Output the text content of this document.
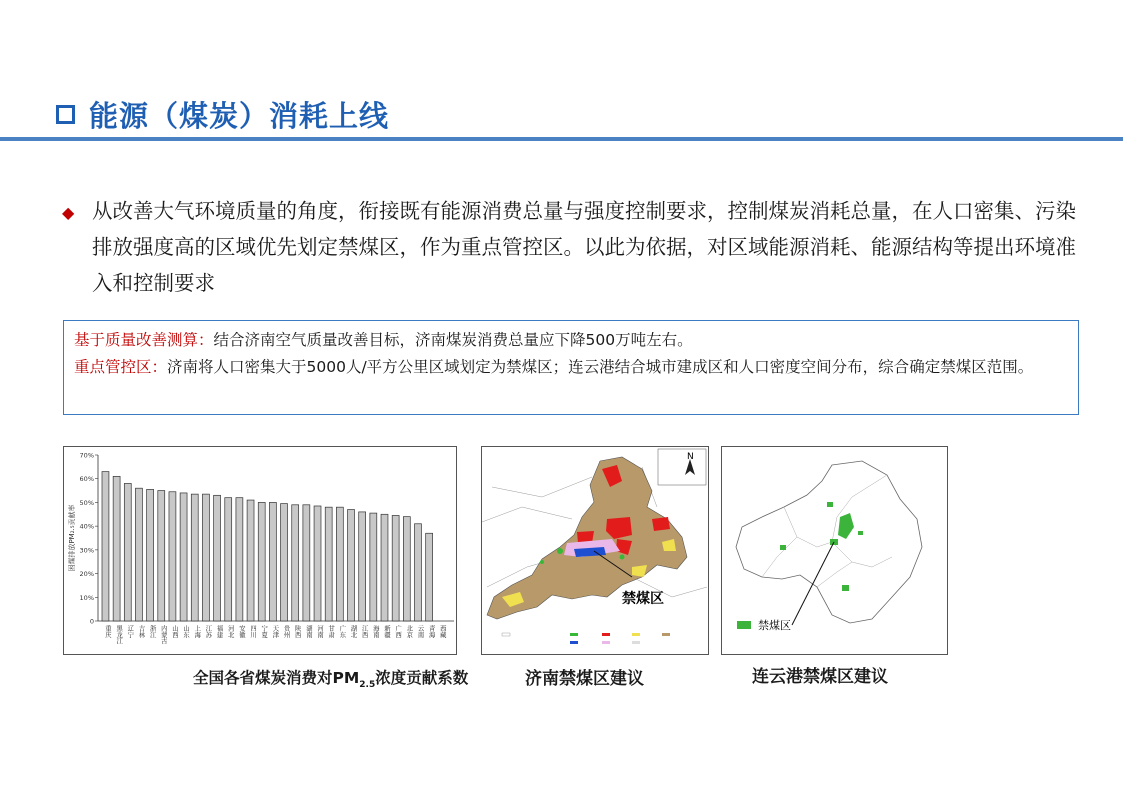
能源（煤炭）消耗上线
◆ 从改善大气环境质量的角度，衔接既有能源消费总量与强度控制要求，控制煤炭消耗总量，在人口密集、污染排放强度高的区域优先划定禁煤区，作为重点管控区。以此为依据，对区域能源消耗、能源结构等提出环境准入和控制要求
基于质量改善测算：结合济南空气质量改善目标，济南煤炭消费总量应下降500万吨左右。
重点管控区：济南将人口密集大于5000人/平方公里区域划定为禁煤区；连云港结合城市建成区和人口密度空间分布，综合确定禁煤区范围。
0
10%
20%
30%
40%
50%
60%
70%
困煤排放PM₂.₅贡献率
重庆 黑龙江 辽宁 吉林 浙江 内蒙古 山西 山东 上海 江苏 福建 河北 安徽 四川 宁夏 天津 贵州 陕西 湖南 河南 甘肃 广东 湖北 江西 海南 新疆 广西 北京 云南 青海 西藏
N
禁煤区
禁煤区
全国各省煤炭消费对$PM_{2.5}$浓度贡献系数	济南禁煤区建议	连云港禁煤区建议
